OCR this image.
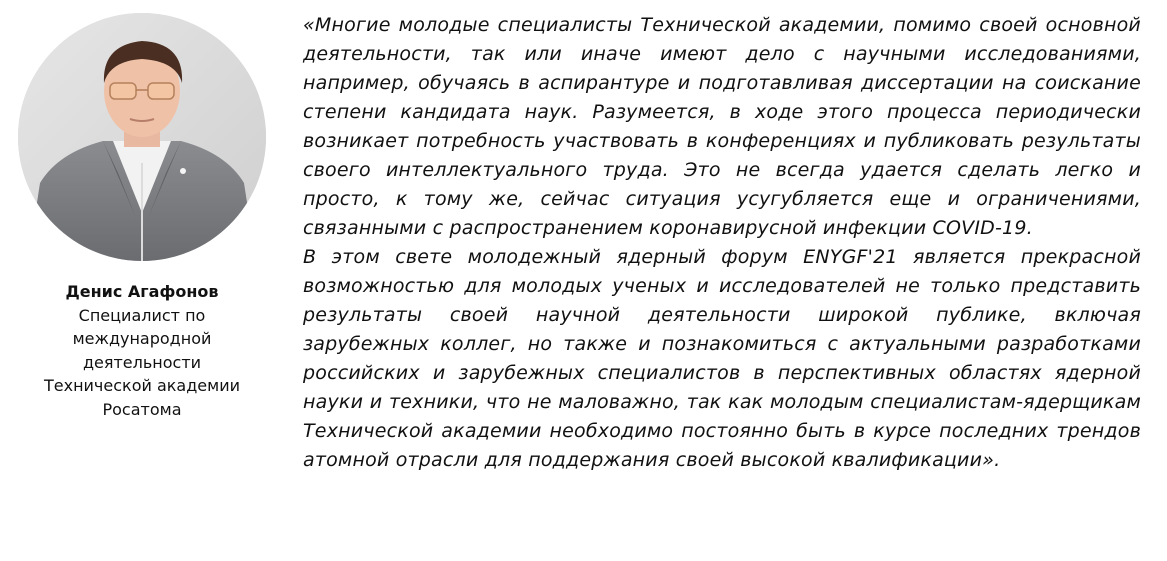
Денис Агафонов
Специалист по международной деятельности Технической академии Росатома

«Многие молодые специалисты Технической академии, помимо своей основной деятельности, так или иначе имеют дело с научными исследованиями, например, обучаясь в аспирантуре и подготавливая диссертации на соискание степени кандидата наук. Разумеется, в ходе этого процесса периодически возникает потребность участвовать в конференциях и публиковать результаты своего интеллектуального труда. Это не всегда удается сделать легко и просто, к тому же, сейчас ситуация усугубляется еще и ограничениями, связанными с распространением коронавирусной инфекции COVID-19.

В этом свете молодежный ядерный форум ENYGF'21 является прекрасной возможностью для молодых ученых и исследователей не только представить результаты своей научной деятельности широкой публике, включая зарубежных коллег, но также и познакомиться с актуальными разработками российских и зарубежных специалистов в перспективных областях ядерной науки и техники, что не маловажно, так как молодым специалистам-ядерщикам Технической академии необходимо постоянно быть в курсе последних трендов атомной отрасли для поддержания своей высокой квалификации».
